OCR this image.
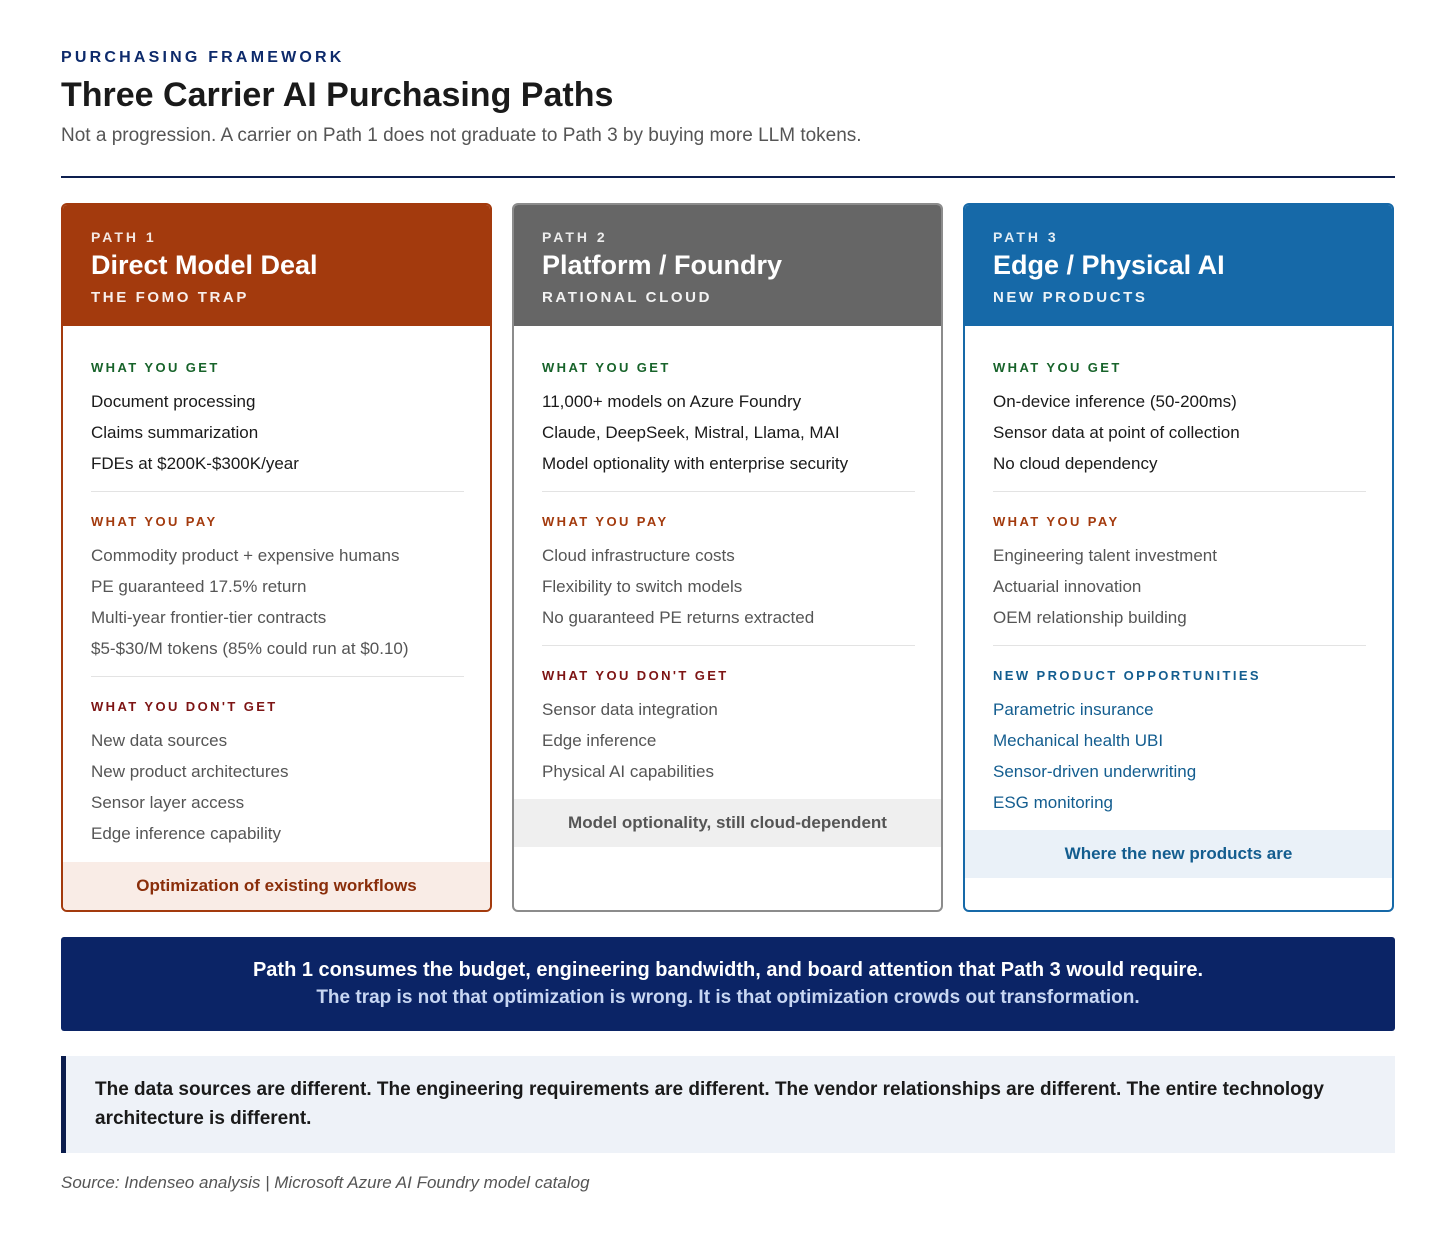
PURCHASING FRAMEWORK
Three Carrier AI Purchasing Paths
Not a progression. A carrier on Path 1 does not graduate to Path 3 by buying more LLM tokens.
PATH 1
Direct Model Deal
THE FOMO TRAP
WHAT YOU GET
Document processing
Claims summarization
FDEs at $200K-$300K/year
WHAT YOU PAY
Commodity product + expensive humans
PE guaranteed 17.5% return
Multi-year frontier-tier contracts
$5-$30/M tokens (85% could run at $0.10)
WHAT YOU DON'T GET
New data sources
New product architectures
Sensor layer access
Edge inference capability
Optimization of existing workflows
PATH 2
Platform / Foundry
RATIONAL CLOUD
WHAT YOU GET
11,000+ models on Azure Foundry
Claude, DeepSeek, Mistral, Llama, MAI
Model optionality with enterprise security
WHAT YOU PAY
Cloud infrastructure costs
Flexibility to switch models
No guaranteed PE returns extracted
WHAT YOU DON'T GET
Sensor data integration
Edge inference
Physical AI capabilities
Model optionality, still cloud-dependent
PATH 3
Edge / Physical AI
NEW PRODUCTS
WHAT YOU GET
On-device inference (50-200ms)
Sensor data at point of collection
No cloud dependency
WHAT YOU PAY
Engineering talent investment
Actuarial innovation
OEM relationship building
NEW PRODUCT OPPORTUNITIES
Parametric insurance
Mechanical health UBI
Sensor-driven underwriting
ESG monitoring
Where the new products are
Path 1 consumes the budget, engineering bandwidth, and board attention that Path 3 would require.
The trap is not that optimization is wrong. It is that optimization crowds out transformation.
The data sources are different. The engineering requirements are different. The vendor relationships are different. The entire technology architecture is different.
Source: Indenseo analysis | Microsoft Azure AI Foundry model catalog
